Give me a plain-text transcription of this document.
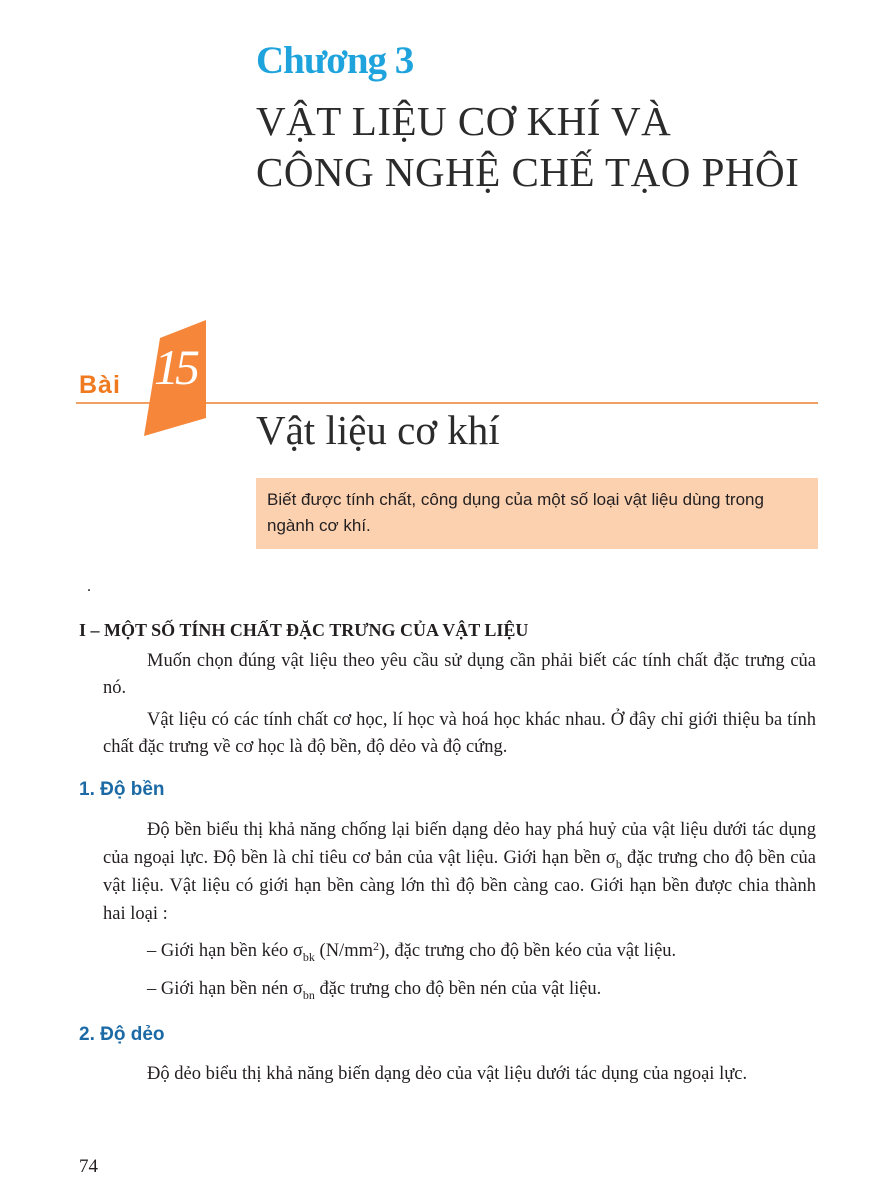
Chương 3
VẬT LIỆU CƠ KHÍ VÀ
CÔNG NGHỆ CHẾ TẠO PHÔI
Bài 15
Vật liệu cơ khí
Biết được tính chất, công dụng của một số loại vật liệu dùng trong ngành cơ khí.
.
I – MỘT SỐ TÍNH CHẤT ĐẶC TRƯNG CỦA VẬT LIỆU
Muốn chọn đúng vật liệu theo yêu cầu sử dụng cần phải biết các tính chất đặc trưng của nó.
Vật liệu có các tính chất cơ học, lí học và hoá học khác nhau. Ở đây chỉ giới thiệu ba tính chất đặc trưng về cơ học là độ bền, độ dẻo và độ cứng.
1. Độ bền
Độ bền biểu thị khả năng chống lại biến dạng dẻo hay phá huỷ của vật liệu dưới tác dụng của ngoại lực. Độ bền là chỉ tiêu cơ bản của vật liệu. Giới hạn bền $\sigma_b$ đặc trưng cho độ bền của vật liệu. Vật liệu có giới hạn bền càng lớn thì độ bền càng cao. Giới hạn bền được chia thành hai loại :
– Giới hạn bền kéo $\sigma_{bk}$ $(N/mm^2)$, đặc trưng cho độ bền kéo của vật liệu.
– Giới hạn bền nén $\sigma_{bn}$ đặc trưng cho độ bền nén của vật liệu.
2. Độ dẻo
Độ dẻo biểu thị khả năng biến dạng dẻo của vật liệu dưới tác dụng của ngoại lực.
74
